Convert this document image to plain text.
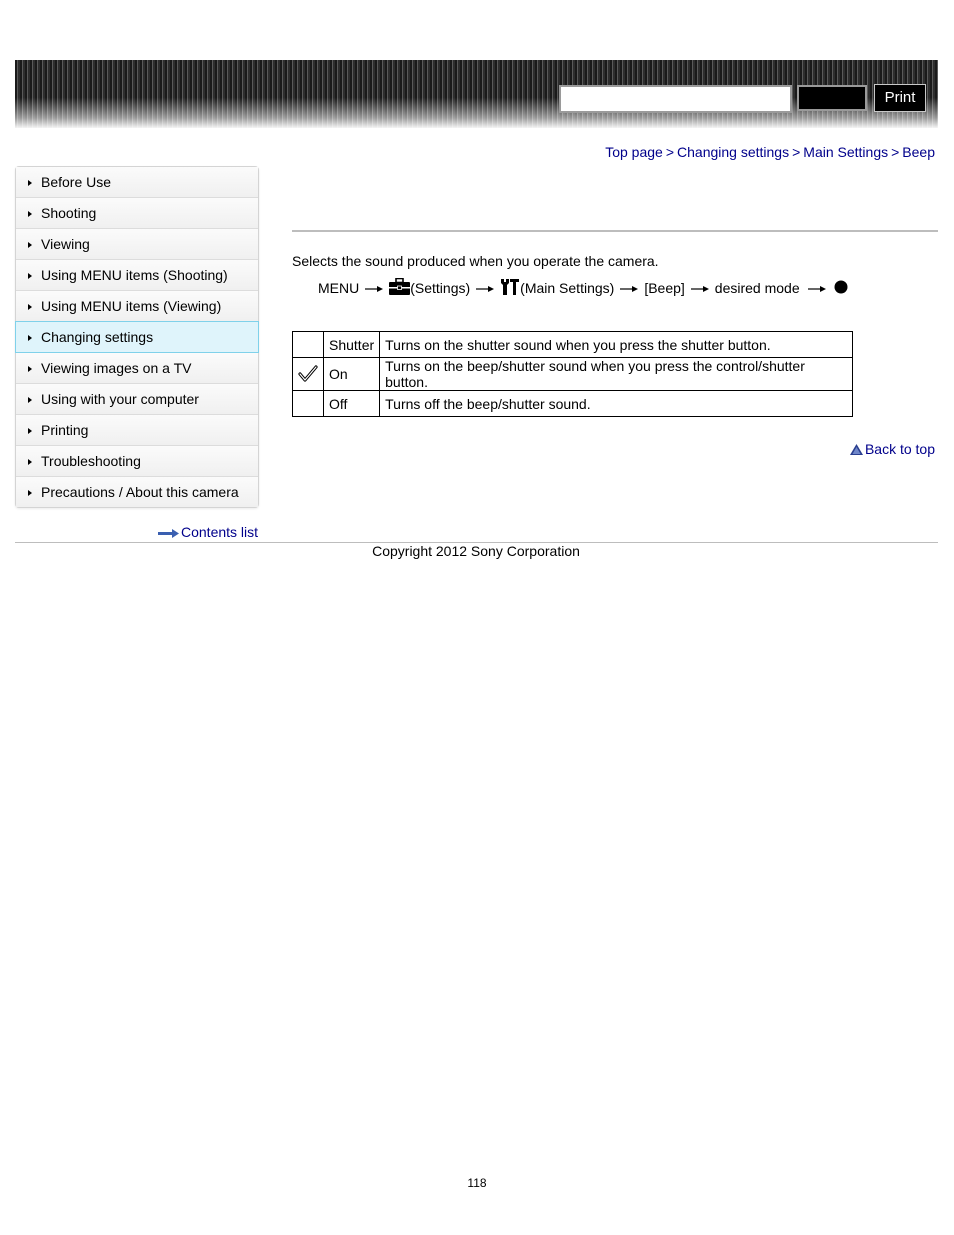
Print
Top page > Changing settings > Main Settings > Beep
Before Use
Shooting
Viewing
Using MENU items (Shooting)
Using MENU items (Viewing)
Changing settings
Viewing images on a TV
Using with your computer
Printing
Troubleshooting
Precautions / About this camera
Contents list
Selects the sound produced when you operate the camera.
MENU	(Settings)	(Main Settings) [Beep] desired mode
	Shutter	Turns on the shutter sound when you press the shutter button.

	On	Turns on the beep/shutter sound when you press the control/shutter button.
	Off	Turns off the beep/shutter sound.
Back to top
Copyright 2012 Sony Corporation
118
